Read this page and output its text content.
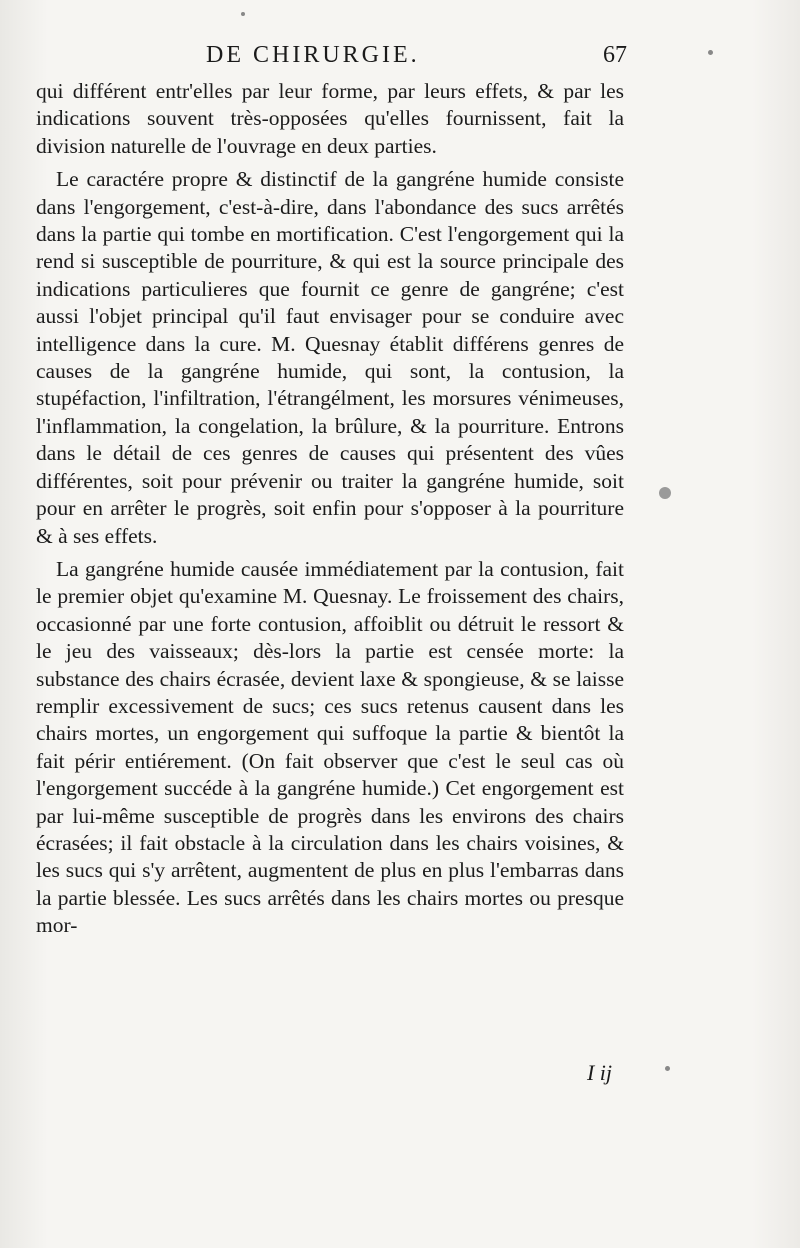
DE CHIRURGIE.	67

qui différent entr'elles par leur forme, par leurs effets, & par les indications souvent très-opposées qu'elles fournissent, fait la division naturelle de l'ouvrage en deux parties.

Le caractére propre & distinctif de la gangréne humide consiste dans l'engorgement, c'est-à-dire, dans l'abondance des sucs arrêtés dans la partie qui tombe en mortification. C'est l'engorgement qui la rend si susceptible de pourriture, & qui est la source principale des indications particulieres que fournit ce genre de gangréne; c'est aussi l'objet principal qu'il faut envisager pour se conduire avec intelligence dans la cure. M. Quesnay établit différens genres de causes de la gangréne humide, qui sont, la contusion, la stupéfaction, l'infiltration, l'étrangélment, les morsures vénimeuses, l'inflammation, la congelation, la brûlure, & la pourriture. Entrons dans le détail de ces genres de causes qui présentent des vûes différentes, soit pour prévenir ou traiter la gangréne humide, soit pour en arrêter le progrès, soit enfin pour s'opposer à la pourriture & à ses effets.

La gangréne humide causée immédiatement par la contusion, fait le premier objet qu'examine M. Quesnay. Le froissement des chairs, occasionné par une forte contusion, affoiblit ou détruit le ressort & le jeu des vaisseaux; dès-lors la partie est censée morte: la substance des chairs écrasée, devient laxe & spongieuse, & se laisse remplir excessivement de sucs; ces sucs retenus causent dans les chairs mortes, un engorgement qui suffoque la partie & bientôt la fait périr entiérement. (On fait observer que c'est le seul cas où l'engorgement succéde à la gangréne humide.) Cet engorgement est par lui-même susceptible de progrès dans les environs des chairs écrasées; il fait obstacle à la circulation dans les chairs voisines, & les sucs qui s'y arrêtent, augmentent de plus en plus l'embarras dans la partie blessée. Les sucs arrêtés dans les chairs mortes ou presque mor-

I ij
